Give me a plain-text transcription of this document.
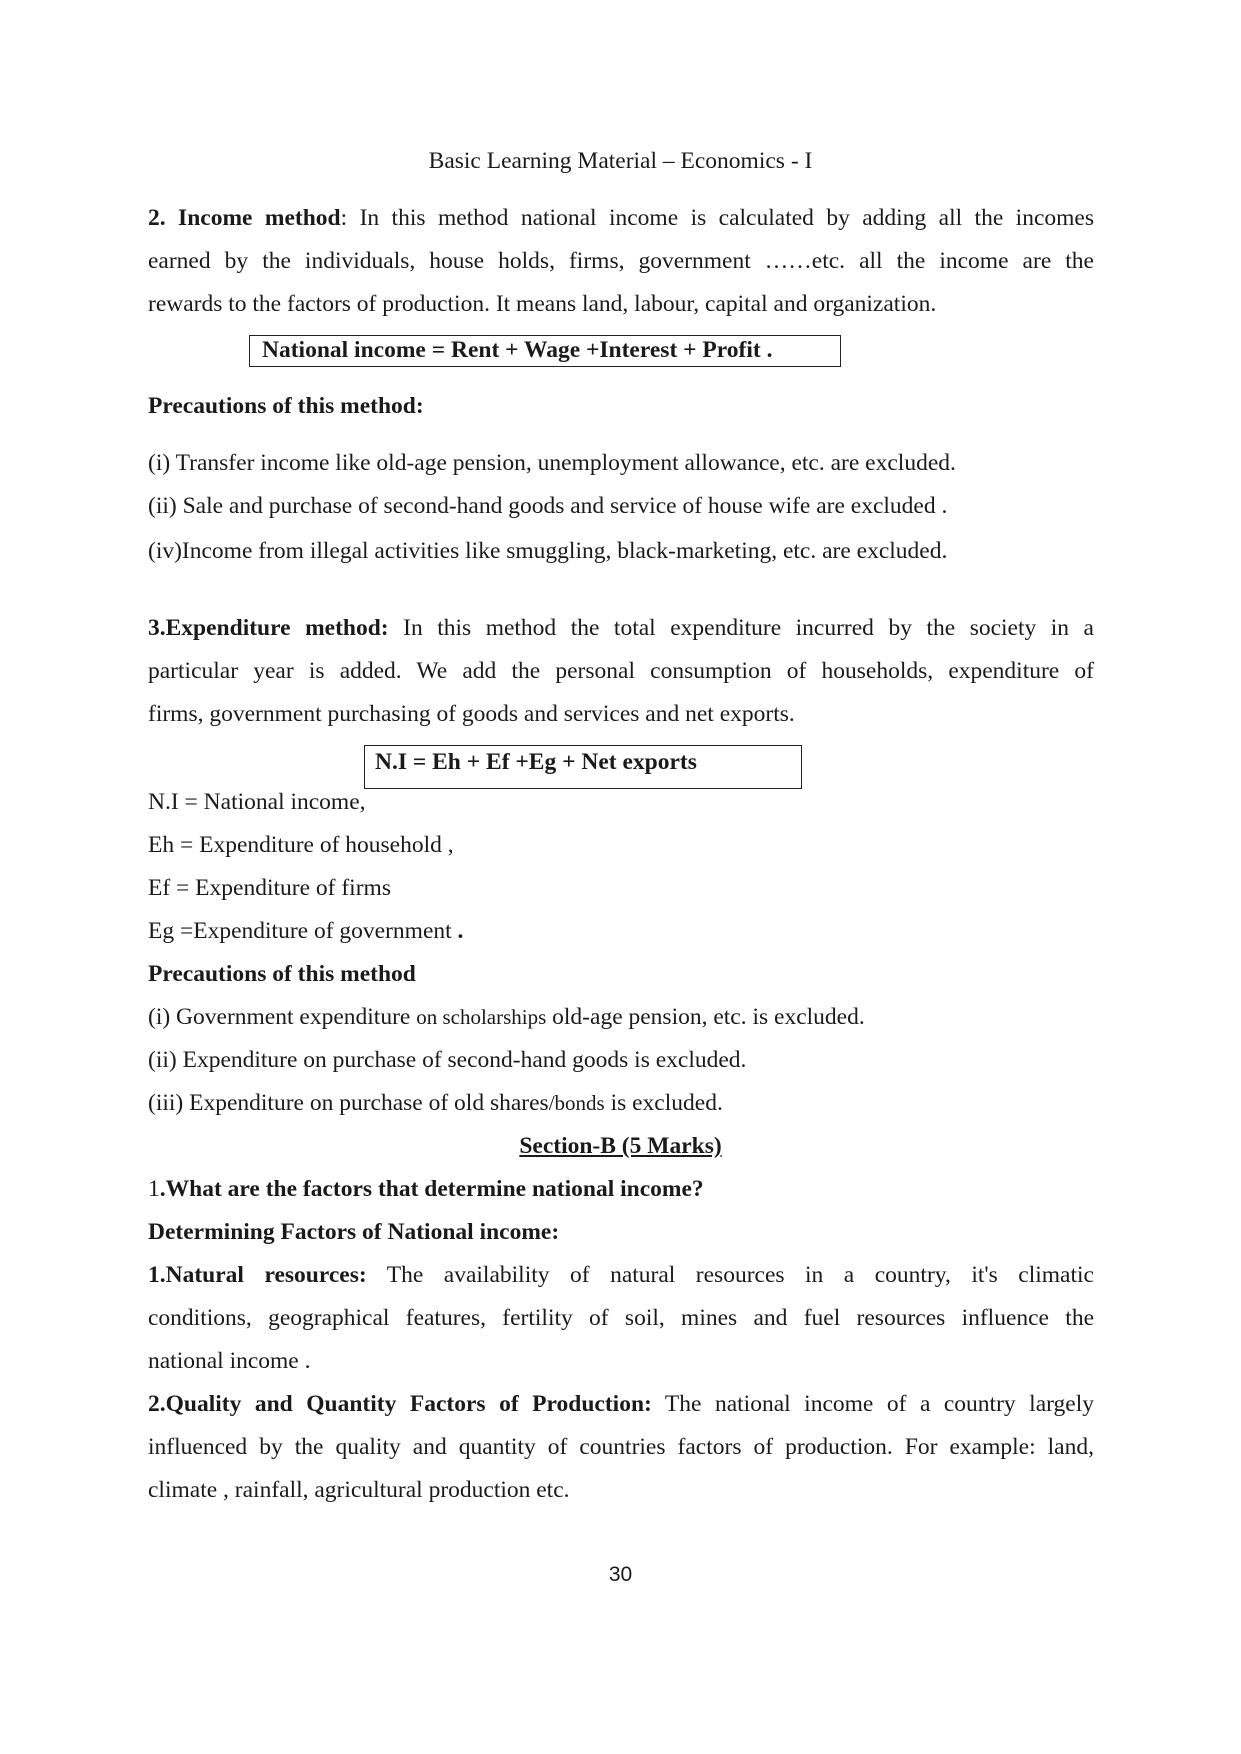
Basic Learning Material – Economics - I
2. Income method: In this method national income is calculated by adding all the incomes
earned by the individuals, house holds, firms, government ……etc. all the income are the
rewards to the factors of production. It means land, labour, capital and organization.
National income = Rent + Wage +Interest + Profit .
Precautions of this method:
(i) Transfer income like old-age pension, unemployment allowance, etc. are excluded.
(ii) Sale and purchase of second-hand goods and service of house wife are excluded .
(iv)Income from illegal activities like smuggling, black-marketing, etc. are excluded.
3.Expenditure method: In this method the total expenditure incurred by the society in a
particular year is added. We add the personal consumption of households, expenditure of
firms, government purchasing of goods and services and net exports.
N.I = Eh + Ef +Eg + Net exports
N.I = National income,
Eh = Expenditure of household ,
Ef = Expenditure of firms
Eg =Expenditure of government .
Precautions of this method
(i) Government expenditure on scholarships old-age pension, etc. is excluded.
(ii) Expenditure on purchase of second-hand goods is excluded.
(iii) Expenditure on purchase of old shares/bonds is excluded.
Section-B (5 Marks)
1.What are the factors that determine national income?
Determining Factors of National income:
1.Natural resources: The availability of natural resources in a country, it's climatic
conditions, geographical features, fertility of soil, mines and fuel resources influence the
national income .
2.Quality and Quantity Factors of Production: The national income of a country largely
influenced by the quality and quantity of countries factors of production. For example: land,
climate , rainfall, agricultural production etc.
30
